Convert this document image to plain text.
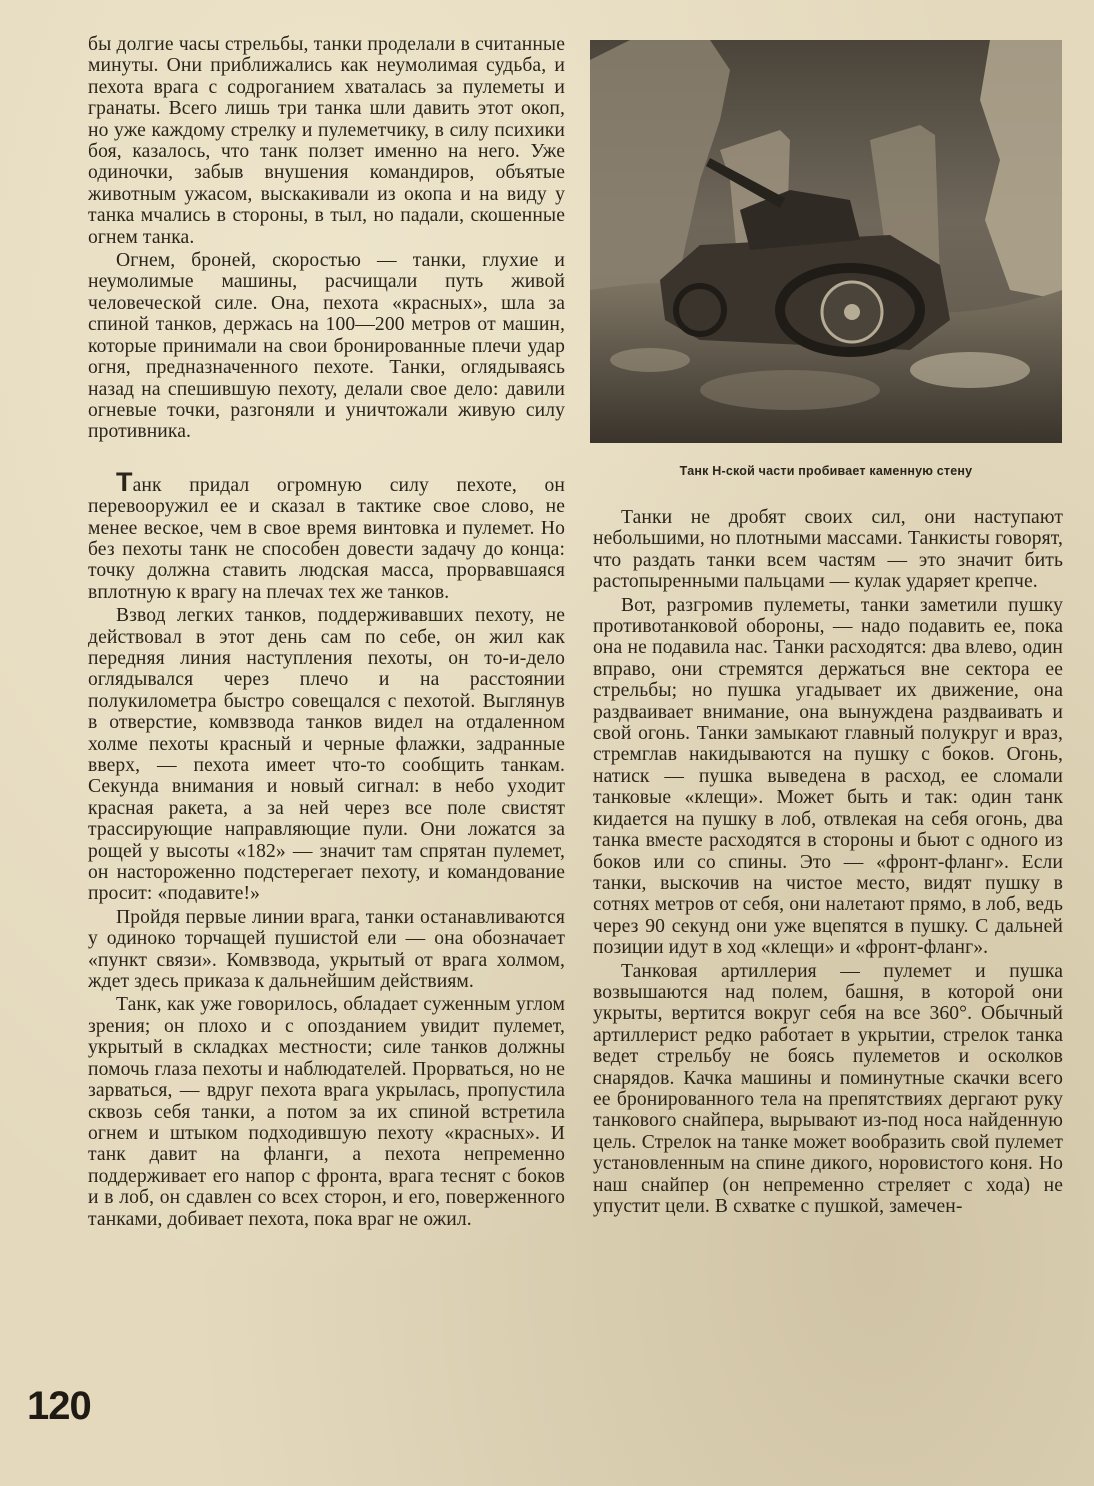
бы долгие часы стрельбы, танки проделали в считанные минуты. Они приближались как неумолимая судьба, и пехота врага с содроганием хваталась за пулеметы и гранаты. Всего лишь три танка шли давить этот окоп, но уже каждому стрелку и пулеметчику, в силу психики боя, казалось, что танк ползет именно на него. Уже одиночки, забыв внушения командиров, объятые животным ужасом, выскакивали из окопа и на виду у танка мчались в стороны, в тыл, но падали, скошенные огнем танка.

Огнем, броней, скоростью — танки, глухие и неумолимые машины, расчищали путь живой человеческой силе. Она, пехота «красных», шла за спиной танков, держась на 100—200 метров от машин, которые принимали на свои бронированные плечи удар огня, предназначенного пехоте. Танки, оглядываясь назад на спешившую пехоту, делали свое дело: давили огневые точки, разгоняли и уничтожали живую силу противника.

Танк придал огромную силу пехоте, он перевооружил ее и сказал в тактике свое слово, не менее веское, чем в свое время винтовка и пулемет. Но без пехоты танк не способен довести задачу до конца: точку должна ставить людская масса, прорвавшаяся вплотную к врагу на плечах тех же танков.

Взвод легких танков, поддерживавших пехоту, не действовал в этот день сам по себе, он жил как передняя линия наступления пехоты, он то-и-дело оглядывался через плечо и на расстоянии полукилометра быстро совещался с пехотой. Выглянув в отверстие, комвзвода танков видел на отдаленном холме пехоты красный и черные флажки, задранные вверх, — пехота имеет что-то сообщить танкам. Секунда внимания и новый сигнал: в небо уходит красная ракета, а за ней через все поле свистят трассирующие направляющие пули. Они ложатся за рощей у высоты «182» — значит там спрятан пулемет, он настороженно подстерегает пехоту, и командование просит: «подавите!»

Пройдя первые линии врага, танки останавливаются у одиноко торчащей пушистой ели — она обозначает «пункт связи». Комвзвода, укрытый от врага холмом, ждет здесь приказа к дальнейшим действиям.

Танк, как уже говорилось, обладает суженным углом зрения; он плохо и с опозданием увидит пулемет, укрытый в складках местности; силе танков должны помочь глаза пехоты и наблюдателей. Прорваться, но не зарваться, — вдруг пехота врага укрылась, пропустила сквозь себя танки, а потом за их спиной встретила огнем и штыком подходившую пехоту «красных». И танк давит на фланги, а пехота непременно поддерживает его напор с фронта, врага теснят с боков и в лоб, он сдавлен со всех сторон, и его, поверженного танками, добивает пехота, пока враг не ожил.

Танк Н-ской части пробивает каменную стену

Танки не дробят своих сил, они наступают небольшими, но плотными массами. Танкисты говорят, что раздать танки всем частям — это значит бить растопыренными пальцами — кулак ударяет крепче.

Вот, разгромив пулеметы, танки заметили пушку противотанковой обороны, — надо подавить ее, пока она не подавила нас. Танки расходятся: два влево, один вправо, они стремятся держаться вне сектора ее стрельбы; но пушка угадывает их движение, она раздваивает внимание, она вынуждена раздваивать и свой огонь. Танки замыкают главный полукруг и враз, стремглав накидываются на пушку с боков. Огонь, натиск — пушка выведена в расход, ее сломали танковые «клещи». Может быть и так: один танк кидается на пушку в лоб, отвлекая на себя огонь, два танка вместе расходятся в стороны и бьют с одного из боков или со спины. Это — «фронт-фланг». Если танки, выскочив на чистое место, видят пушку в сотнях метров от себя, они налетают прямо, в лоб, ведь через 90 секунд они уже вцепятся в пушку. С дальней позиции идут в ход «клещи» и «фронт-фланг».

Танковая артиллерия — пулемет и пушка возвышаются над полем, башня, в которой они укрыты, вертится вокруг себя на все 360°. Обычный артиллерист редко работает в укрытии, стрелок танка ведет стрельбу не боясь пулеметов и осколков снарядов. Качка машины и поминутные скачки всего ее бронированного тела на препятствиях дергают руку танкового снайпера, вырывают из-под носа найденную цель. Стрелок на танке может вообразить свой пулемет установленным на спине дикого, норовистого коня. Но наш снайпер (он непременно стреляет с хода) не упустит цели. В схватке с пушкой, замечен-

120
